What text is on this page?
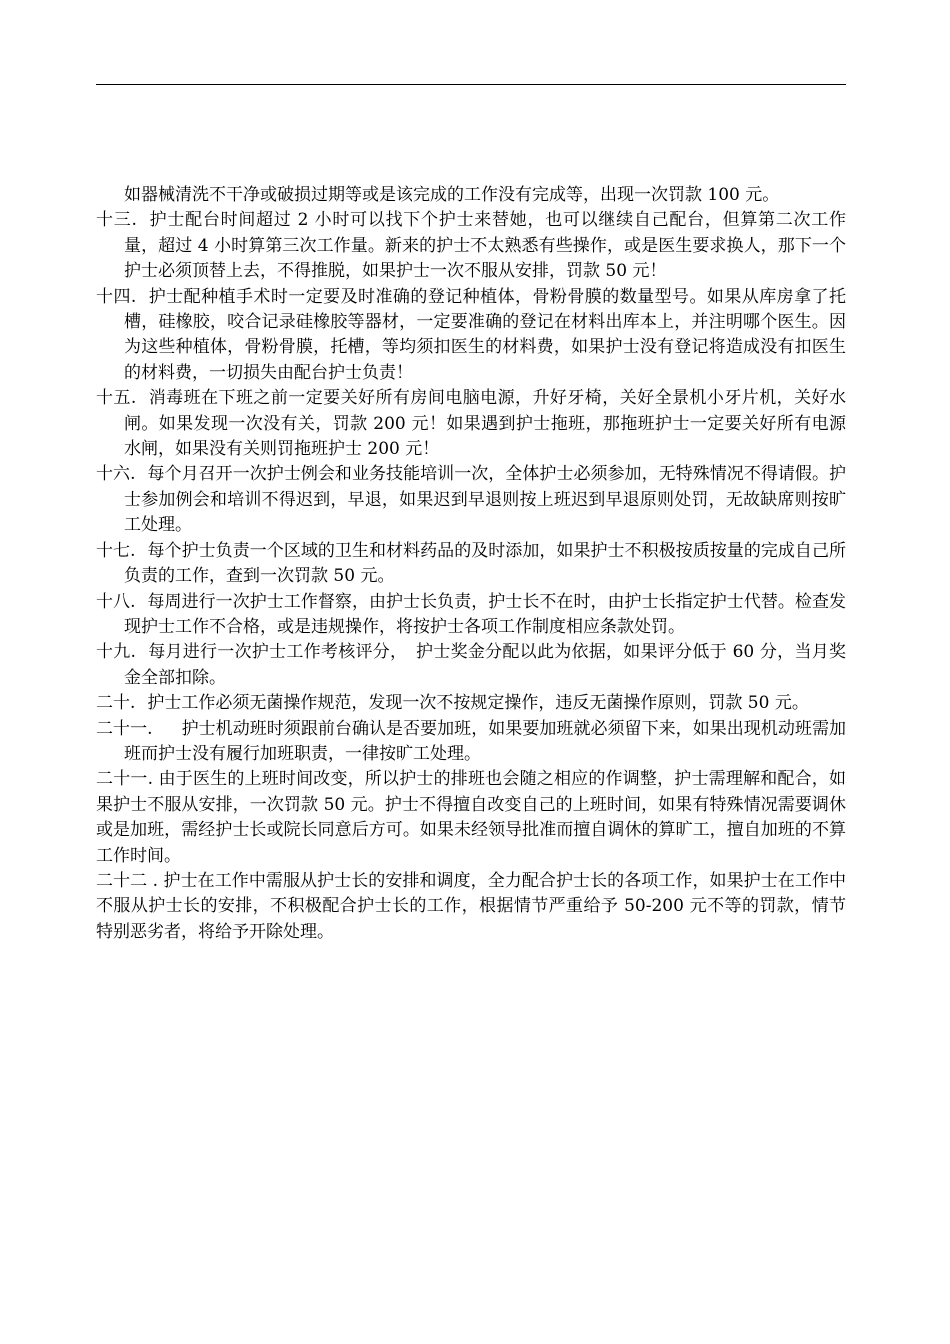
如器械清洗不干净或破损过期等或是该完成的工作没有完成等，出现一次罚款 100 元。

十三. 护士配台时间超过 2 小时可以找下个护士来替她，也可以继续自己配台，但算第二次工作量，超过 4 小时算第三次工作量。新来的护士不太熟悉有些操作，或是医生要求换人，那下一个护士必须顶替上去，不得推脱，如果护士一次不服从安排，罚款 50 元！

十四. 护士配种植手术时一定要及时准确的登记种植体，骨粉骨膜的数量型号。如果从库房拿了托槽，硅橡胶，咬合记录硅橡胶等器材，一定要准确的登记在材料出库本上，并注明哪个医生。因为这些种植体，骨粉骨膜，托槽，等均须扣医生的材料费，如果护士没有登记将造成没有扣医生的材料费，一切损失由配台护士负责！

十五. 消毒班在下班之前一定要关好所有房间电脑电源，升好牙椅，关好全景机小牙片机，关好水闸。如果发现一次没有关，罚款 200 元！如果遇到护士拖班，那拖班护士一定要关好所有电源水闸，如果没有关则罚拖班护士 200 元！

十六. 每个月召开一次护士例会和业务技能培训一次，全体护士必须参加，无特殊情况不得请假。护士参加例会和培训不得迟到，早退，如果迟到早退则按上班迟到早退原则处罚，无故缺席则按旷工处理。

十七. 每个护士负责一个区域的卫生和材料药品的及时添加，如果护士不积极按质按量的完成自己所负责的工作，查到一次罚款 50 元。

十八. 每周进行一次护士工作督察，由护士长负责，护士长不在时，由护士长指定护士代替。检查发现护士工作不合格，或是违规操作，将按护士各项工作制度相应条款处罚。

十九. 每月进行一次护士工作考核评分，　护士奖金分配以此为依据，如果评分低于 60 分，当月奖金全部扣除。

二十. 护士工作必须无菌操作规范，发现一次不按规定操作，违反无菌操作原则，罚款 50 元。

二十一.　护士机动班时须跟前台确认是否要加班，如果要加班就必须留下来，如果出现机动班需加班而护士没有履行加班职责，一律按旷工处理。

二十一. 由于医生的上班时间改变，所以护士的排班也会随之相应的作调整，护士需理解和配合，如果护士不服从安排，一次罚款 50 元。护士不得擅自改变自己的上班时间，如果有特殊情况需要调休或是加班，需经护士长或院长同意后方可。如果未经领导批准而擅自调休的算旷工，擅自加班的不算工作时间。

二十二 . 护士在工作中需服从护士长的安排和调度，全力配合护士长的各项工作，如果护士在工作中不服从护士长的安排，不积极配合护士长的工作，根据情节严重给予 50-200 元不等的罚款，情节特别恶劣者，将给予开除处理。
